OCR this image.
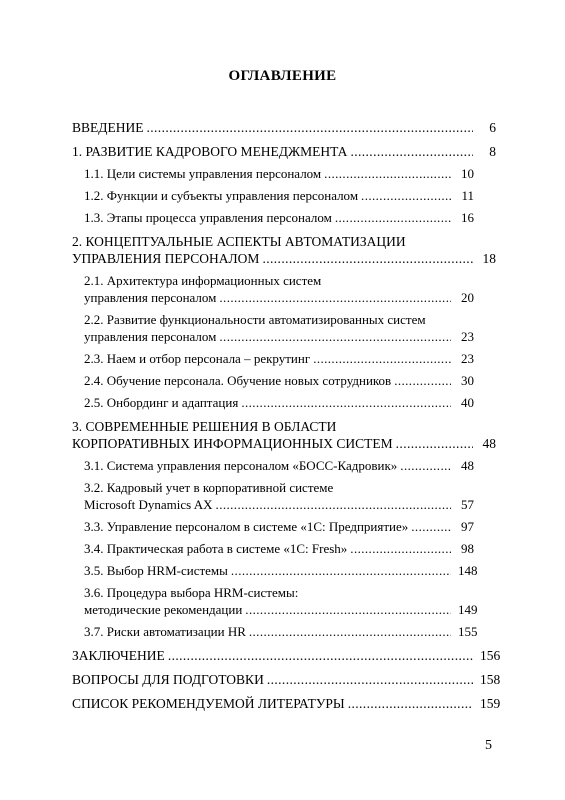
ОГЛАВЛЕНИЕ
ВВЕДЕНИЕ .....	6
1. РАЗВИТИЕ КАДРОВОГО МЕНЕДЖМЕНТА .....	8
1.1. Цели системы управления персоналом .....	10
1.2. Функции и субъекты управления персоналом .....	11
1.3. Этапы процесса управления персоналом .....	16
2. КОНЦЕПТУАЛЬНЫЕ АСПЕКТЫ АВТОМАТИЗАЦИИ
УПРАВЛЕНИЯ ПЕРСОНАЛОМ .....	18
2.1. Архитектура информационных систем
управления персоналом .....	20
2.2. Развитие функциональности автоматизированных систем
управления персоналом .....	23
2.3. Наем и отбор персонала – рекрутинг .....	23
2.4. Обучение персонала. Обучение новых сотрудников .....	30
2.5. Онбординг и адаптация .....	40
3. СОВРЕМЕННЫЕ РЕШЕНИЯ В ОБЛАСТИ
КОРПОРАТИВНЫХ ИНФОРМАЦИОННЫХ СИСТЕМ .....	48
3.1. Система управления персоналом «БОСС-Кадровик» .....	48
3.2. Кадровый учет в корпоративной системе
Microsoft Dynamics AX .....	57
3.3. Управление персоналом в системе «1С: Предприятие» .....	97
3.4. Практическая работа в системе «1С: Fresh» .....	98
3.5. Выбор HRM-системы .....	148
3.6. Процедура выбора HRM-системы:
методические рекомендации .....	149
3.7. Риски автоматизации HR .....	155
ЗАКЛЮЧЕНИЕ .....	156
ВОПРОСЫ ДЛЯ ПОДГОТОВКИ .....	158
СПИСОК РЕКОМЕНДУЕМОЙ ЛИТЕРАТУРЫ .....	159
5
